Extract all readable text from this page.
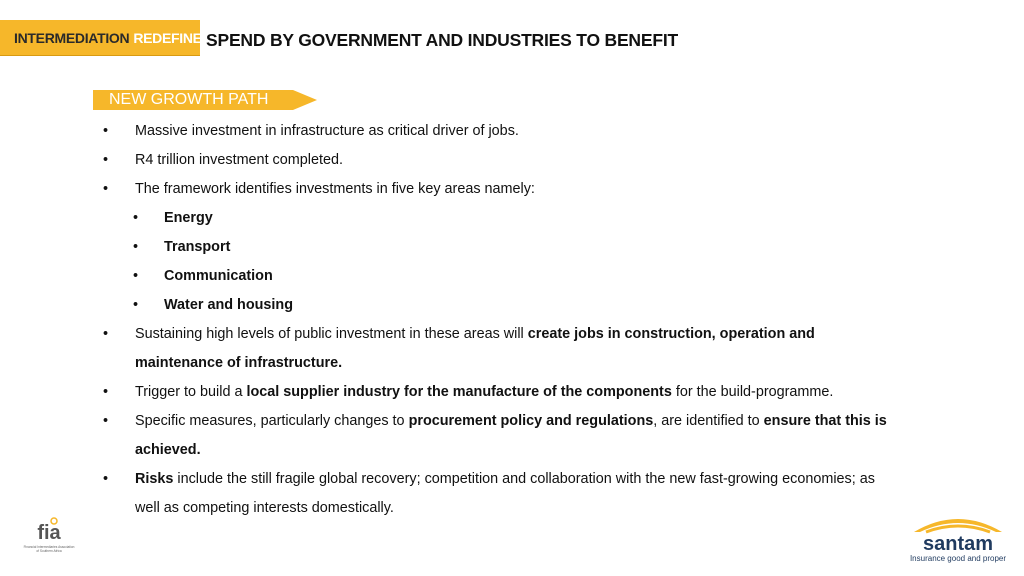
INTERMEDIATION REDEFINED
SPEND BY GOVERNMENT AND INDUSTRIES TO BENEFIT
NEW GROWTH PATH
• Massive investment in infrastructure as critical driver of jobs.
• R4 trillion investment completed.
• The framework identifies investments in five key areas namely:
• Energy
• Transport
• Communication
• Water and housing
• Sustaining high levels of public investment in these areas will create jobs in construction, operation and maintenance of infrastructure.
• Trigger to build a local supplier industry for the manufacture of the components for the build-programme.
• Specific measures, particularly changes to procurement policy and regulations, are identified to ensure that this is achieved.
• Risks include the still fragile global recovery; competition and collaboration with the new fast-growing economies; as well as competing interests domestically.
fia
Financial Intermediaries Association
of Southern Africa	santam
Insurance good and proper
